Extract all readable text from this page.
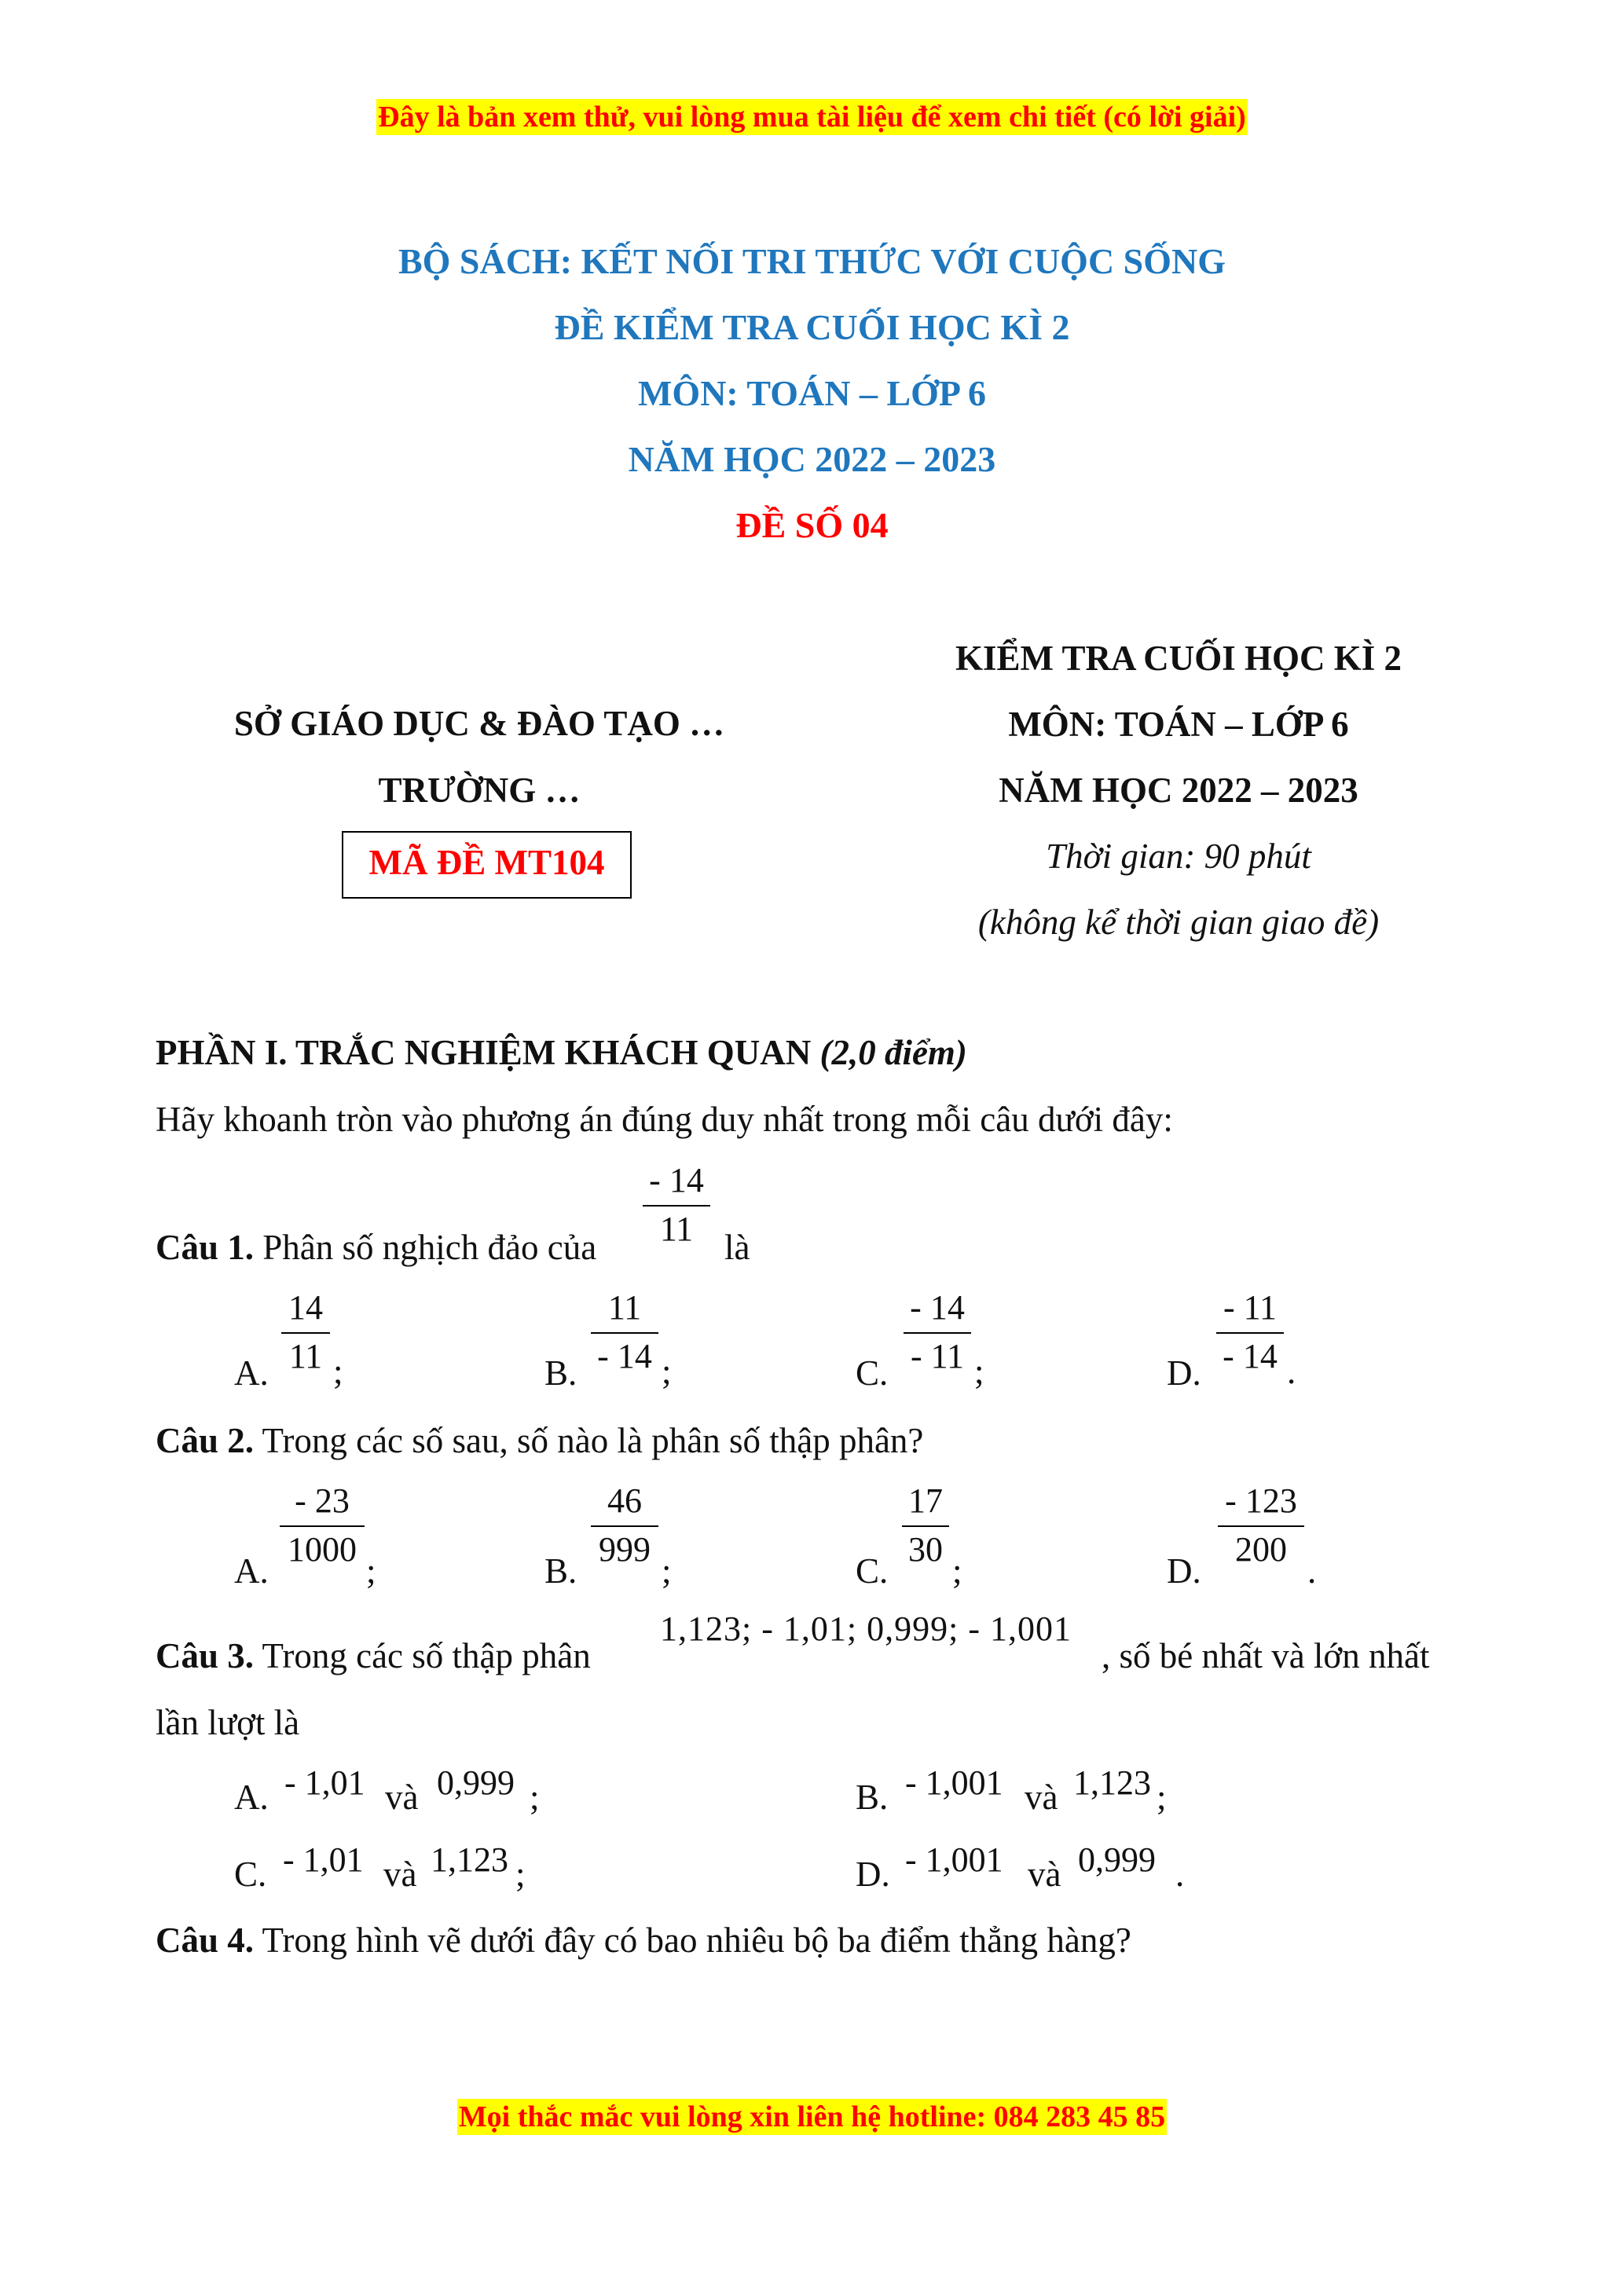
Đây là bản xem thử, vui lòng mua tài liệu để xem chi tiết (có lời giải)
BỘ SÁCH: KẾT NỐI TRI THỨC VỚI CUỘC SỐNG
ĐỀ KIỂM TRA CUỐI HỌC KÌ 2
MÔN: TOÁN – LỚP 6
NĂM HỌC 2022 – 2023
ĐỀ SỐ 04
SỞ GIÁO DỤC & ĐÀO TẠO …
TRƯỜNG …
MÃ ĐỀ MT104
KIỂM TRA CUỐI HỌC KÌ 2
MÔN: TOÁN – LỚP 6
NĂM HỌC 2022 – 2023
Thời gian: 90 phút
(không kể thời gian giao đề)
PHẦN I. TRẮC NGHIỆM KHÁCH QUAN (2,0 điểm)
Hãy khoanh tròn vào phương án đúng duy nhất trong mỗi câu dưới đây:
Câu 1. Phân số nghịch đảo của
- 14
11 là
A.
14
11 ;	B.
11
- 14 ;	C.
- 14
- 11 ;	D.
- 11
- 14 .
Câu 2. Trong các số sau, số nào là phân số thập phân?
A.
- 23
1000
;	B.
46
999
;	C.
17
30
;	D.
- 123
200
.
Câu 3. Trong các số thập phân
1,123; - 1,01; 0,999; - 1,001
, số bé nhất và lớn nhất
lần lượt là
A. - 1,01 và 0,999 ;	B. - 1,001 và 1,123 ;
C. - 1,01 và 1,123 ;	D. - 1,001 và 0,999 .
Câu 4. Trong hình vẽ dưới đây có bao nhiêu bộ ba điểm thẳng hàng?
Mọi thắc mắc vui lòng xin liên hệ hotline: 084 283 45 85
